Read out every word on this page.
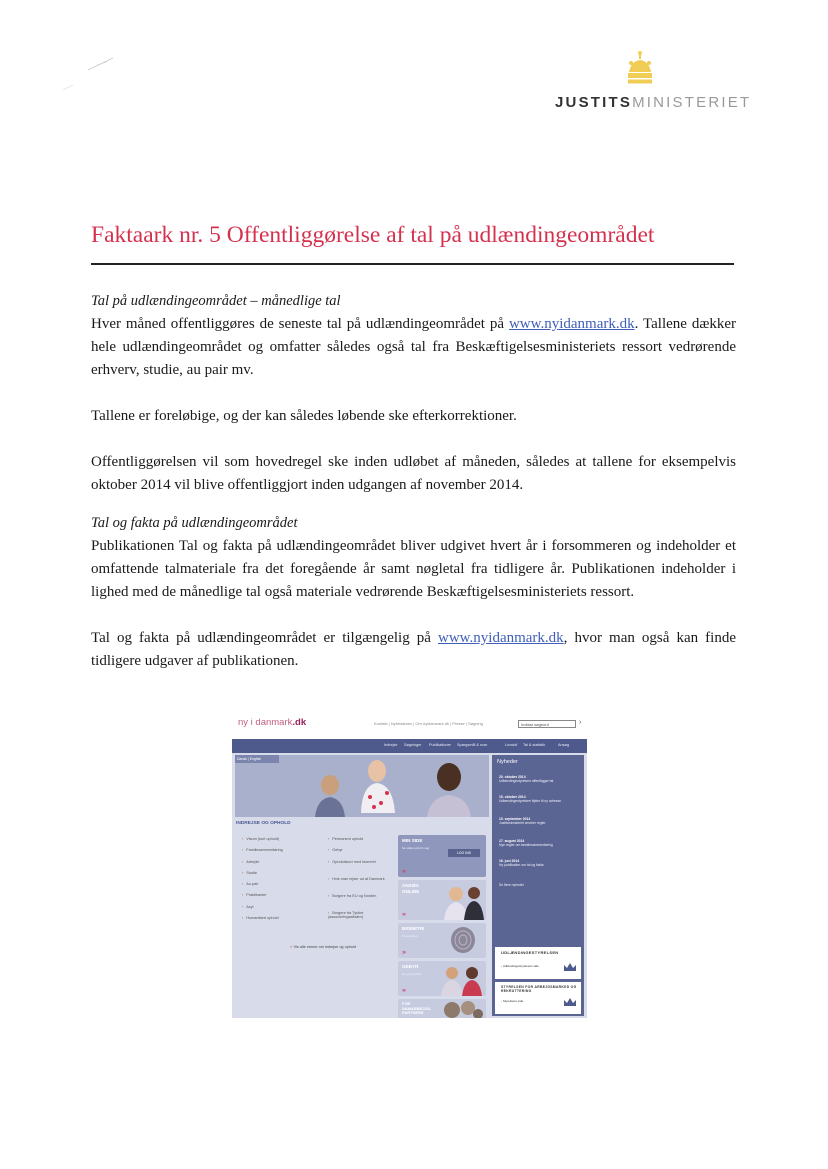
JUSTITSMINISTERIET
Faktaark nr. 5 Offentliggørelse af tal på udlændingeområdet
Tal på udlændingeområdet – månedlige tal

Hver måned offentliggøres de seneste tal på udlændingeområdet på www.nyidanmark.dk. Tallene dækker hele udlændingeområdet og omfatter således også tal fra Beskæftigelsesministeriets ressort vedrørende erhverv, studie, au pair mv.

Tallene er foreløbige, og der kan således løbende ske efterkorrektioner.

Offentliggørelsen vil som hovedregel ske inden udløbet af måneden, således at tallene for eksempelvis oktober 2014 vil blive offentliggjort inden udgangen af november 2014.

Tal og fakta på udlændingeområdet

Publikationen Tal og fakta på udlændingeområdet bliver udgivet hvert år i forsommeren og indeholder et omfattende talmateriale fra det foregående år samt nøgletal fra tidligere år. Publikationen indeholder i lighed med de månedlige tal også materiale vedrørende Beskæftigelsesministeriets ressort.

Tal og fakta på udlændingeområdet er tilgængelig på www.nyidanmark.dk, hvor man også kan finde tidligere udgaver af publikationen.

ny i danmark.dk	Kontakt | Nyhedsbrev | Om nyidanmark.dk | Presse | Søgning	Indtast søgeord	›
Indrejse Søgninger Publikationer Spørgsmål & svar	Lovstof Tal & statistik	Ansøg
Dansk | English
INDREJSE OG OPHOLD
› Visum (kort ophold)
› Familiesammenføring
› Arbejde
› Studie
› Au pair
› Praktikanter
› Asyl
› Humanitært ophold
› Permanent ophold
› Gebyr
› Opholdskort med biometri
› Hvis man rejser ud af Danmark
› Borgere fra EU og Norden
› Borgere fra Tyrkiet (associeringsaftalen)
›› Vis alle emner om indrejse og ophold
MIN SIDE
Se status på din sag
LOG IND
›››
ANSØG ONLINE
›››
BIOMETRI
Fingeraftryk
›››
GEBYR
Se gebyrsatser
›››
FOR SAMARBEJDS-PARTNERE
Nyheder
20. oktober 2014
Udlændingestyrelsen offentliggør tal
15. oktober 2014
Udlændingestyrelsen flytter til ny adresse
10. september 2014
Justitsministeriet ændrer regler
17. august 2014
Nye regler om familiesammenføring
16. juni 2014
Ny publikation om tal og fakta
Se flere nyheder
UDLÆNDINGESTYRELSEN
› Udlændingestyrelsens side
STYRELSEN FOR ARBEJDSMARKED OG REKRUTTERING
› Styrelsens side
